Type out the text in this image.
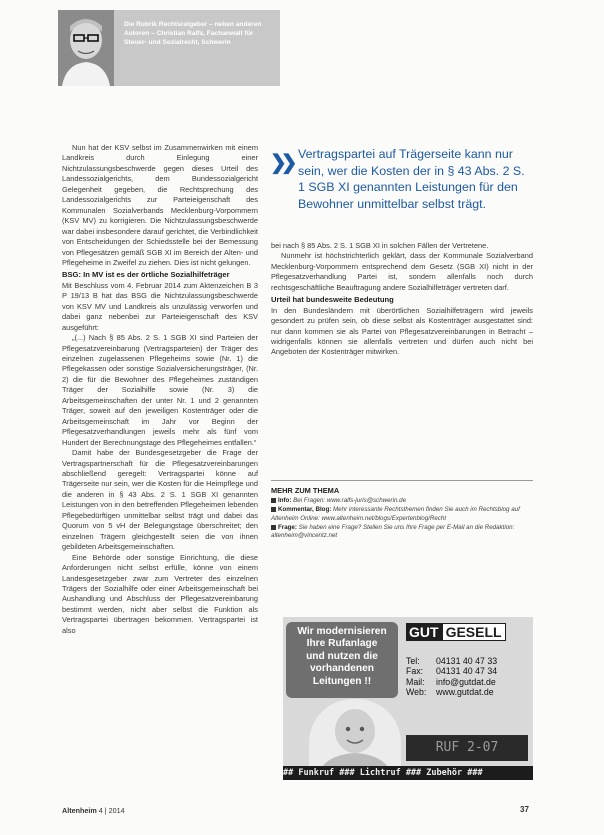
Die Rubrik Rechtsratgeber – neben anderen Autoren – Christian Ralfs, Fachanwalt für Steuer- und Sozialrecht, Schwerin

Nun hat der KSV selbst im Zusammenwirken mit einem Landkreis durch Einlegung einer Nichtzulassungsbeschwerde gegen dieses Urteil des Landessozialgerichts, dem Bundessozialgericht Gelegenheit gegeben, die Rechtsprechung des Landessozialgerichts zur Parteieigenschaft des Kommunalen Sozialverbands Mecklenburg-Vorpommern (KSV MV) zu korrigieren. Die Nichtzulassungsbeschwerde war dabei insbesondere darauf gerichtet, die Verbindlichkeit von Entscheidungen der Schiedsstelle bei der Bemessung von Pflegesätzen gemäß SGB XI im Bereich der Alten- und Pflegeheime in Zweifel zu ziehen. Dies ist nicht gelungen.

BSG: In MV ist es der örtliche Sozialhilfeträger

Mit Beschluss vom 4. Februar 2014 zum Aktenzeichen B 3 P 19/13 B hat das BSG die Nichtzulassungsbeschwerde von KSV MV und Landkreis als unzulässig verworfen und dabei ganz nebenbei zur Parteieigenschaft des KSV ausgeführt:

„(...) Nach § 85 Abs. 2 S. 1 SGB XI sind Parteien der Pflegesatzvereinbarung (Vertragsparteien) der Träger des einzelnen zugelassenen Pflegeheims sowie (Nr. 1) die Pflegekassen oder sonstige Sozialversicherungsträger, (Nr. 2) die für die Bewohner des Pflegeheimes zuständigen Träger der Sozialhilfe sowie (Nr. 3) die Arbeitsgemeinschaften der unter Nr. 1 und 2 genannten Träger, soweit auf den jeweiligen Kostenträger oder die Arbeitsgemeinschaft im Jahr vor Beginn der Pflegesatzverhandlungen jeweils mehr als fünf vom Hundert der Berechnungstage des Pflegeheimes entfallen.“

Damit habe der Bundesgesetzgeber die Frage der Vertragspartnerschaft für die Pflegesatzvereinbarungen abschließend geregelt: Vertragspartei könne auf Trägerseite nur sein, wer die Kosten für die Heimpflege und die anderen in § 43 Abs. 2 S. 1 SGB XI genannten Leistungen von in den betreffenden Pflegeheimen lebenden Pflegebedürftigen unmittelbar selbst trägt und dabei das Quorum von 5 vH der Belegungstage überschreitet; den einzelnen Trägern gleichgestellt seien die von ihnen gebildeten Arbeitsgemeinschaften.

Eine Behörde oder sonstige Einrichtung, die diese Anforderungen nicht selbst erfülle, könne von einem Landesgesetzgeber zwar zum Vertreter des einzelnen Trägers der Sozialhilfe oder einer Arbeitsgemeinschaft bei Aushandlung und Abschluss der Pflegesatzvereinbarung bestimmt werden, nicht aber selbst die Funktion als Vertragspartei übertragen bekommen. Vertragspartei ist also

❯❯ Vertragspartei auf Trägerseite kann nur sein, wer die Kosten der in § 43 Abs. 2 S. 1 SGB XI genannten Leistungen für den Bewohner unmittelbar selbst trägt.

bei nach § 85 Abs. 2 S. 1 SGB XI in solchen Fällen der Vertretene.

Nunmehr ist höchstrichterlich geklärt, dass der Kommunale Sozialverband Mecklenburg-Vorpommern entsprechend dem Gesetz (SGB XI) nicht in der Pflegesatzverhandlung Partei ist, sondern allenfalls noch durch rechtsgeschäftliche Beauftragung andere Sozialhilfeträger vertreten darf.

Urteil hat bundesweite Bedeutung

In den Bundesländern mit überörtlichen Sozialhilfeträgern wird jeweils gesondert zu prüfen sein, ob diese selbst als Kostenträger ausgestattet sind: nur dann kommen sie als Partei von Pflegesatzvereinbarungen in Betracht – widrigenfalls können sie allenfalls vertreten und dürfen auch nicht bei Angeboten der Kostenträger mitwirken.

MEHR ZUM THEMA
Info: Bei Fragen: www.ralfs-juris@schwerin.de
Kommentar, Blog: Mehr interessante Rechtsthemen finden Sie auch im Rechtsblog auf Altenheim Online: www.altenheim.net/blogs/Expertenblog/Recht
Frage: Sie haben eine Frage? Stellen Sie uns Ihre Frage per E-Mail an die Redaktion: altenheim@vincentz.net
Wir modernisieren
Ihre Rufanlage
und nutzen die
vorhandenen
Leitungen !!
GUT GESELL
Tel: 04131 40 47 33
Fax: 04131 40 47 34
Mail: info@gutdat.de
Web: www.gutdat.de
RUF 2-07
## Funkruf ### Lichtruf ### Zubehör ###
Altenheim 4 | 2014	37
